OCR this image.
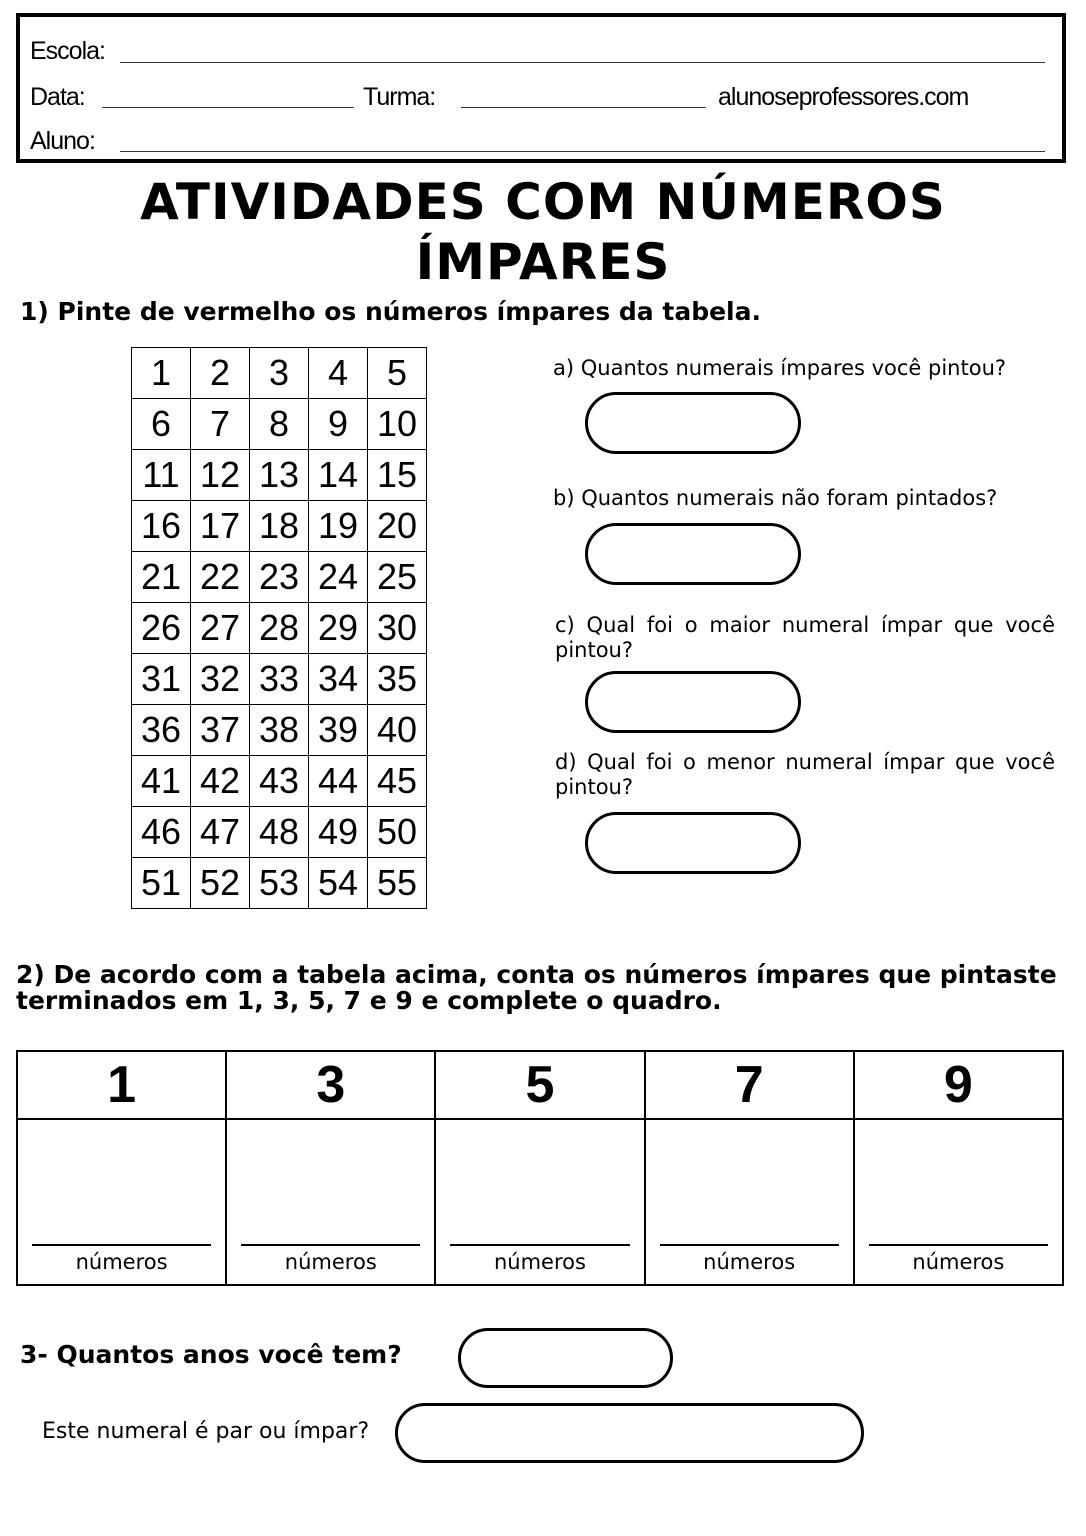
Escola:
Data:	Turma:	alunoseprofessores.com
Aluno:
ATIVIDADES COM NÚMEROS
ÍMPARES
1) Pinte de vermelho os números ímpares da tabela.
1	2	3	4	5
6	7	8	9	10
11	12	13	14	15
16	17	18	19	20
21	22	23	24	25
26	27	28	29	30
31	32	33	34	35
36	37	38	39	40
41	42	43	44	45
46	47	48	49	50
51	52	53	54	55
a) Quantos numerais ímpares você pintou?
b) Quantos numerais não foram pintados?
c) Qual foi o maior numeral ímpar que você pintou?
d) Qual foi o menor numeral ímpar que você pintou?
2) De acordo com a tabela acima, conta os números ímpares que pintaste terminados em 1, 3, 5, 7 e 9 e complete o quadro.
1	3	5	7	9

números	números	números	números	números
3- Quantos anos você tem?
Este numeral é par ou ímpar?
